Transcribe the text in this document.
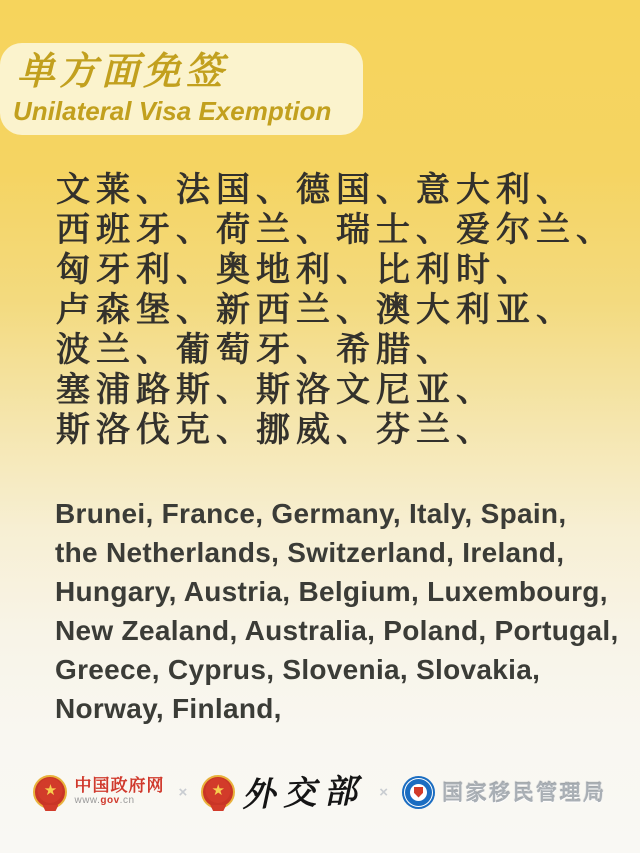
单方面免签
Unilateral Visa Exemption
文莱、法国、德国、意大利、
西班牙、荷兰、瑞士、爱尔兰、
匈牙利、奥地利、比利时、
卢森堡、新西兰、澳大利亚、
波兰、葡萄牙、希腊、
塞浦路斯、斯洛文尼亚、
斯洛伐克、挪威、芬兰、
Brunei, France, Germany, Italy, Spain,
the Netherlands, Switzerland, Ireland,
Hungary, Austria, Belgium, Luxembourg,
New Zealand, Australia, Poland, Portugal,
Greece, Cyprus, Slovenia, Slovakia,
Norway, Finland,
★ 中国政府网
www.gov.cn	× ★ 外交部 ×	国家移民管理局
